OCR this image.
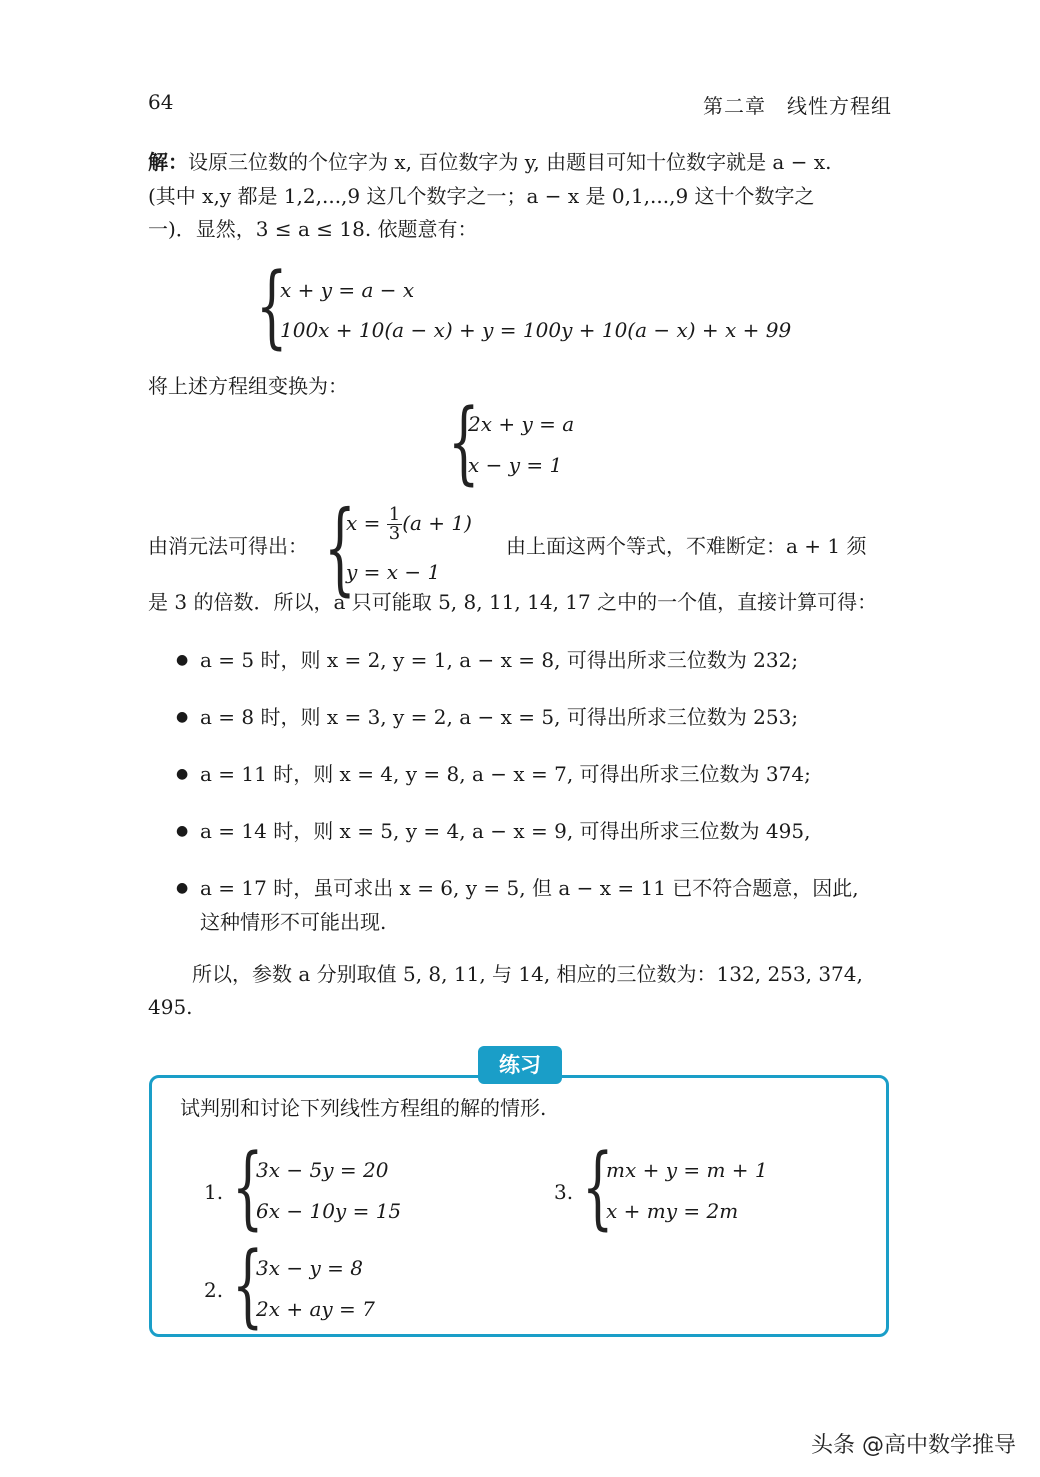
64	第二章　线性方程组
解：设原三位数的个位字为 x, 百位数字为 y, 由题目可知十位数字就是 a − x.
(其中 x,y 都是 1,2,...,9 这几个数字之一；a − x 是 0,1,...,9 这十个数字之
一)．显然，3 ≤ a ≤ 18. 依题意有：
{
x + y = a − x
100x + 10(a − x) + y = 100y + 10(a − x) + x + 99
将上述方程组变换为：
{
2x + y = a
x − y = 1
由消元法可得出： {
$x = \frac{1}{3} (a + 1)$
y = x − 1
由上面这两个等式，不难断定：a + 1 须
是 3 的倍数．所以，a 只可能取 5, 8, 11, 14, 17 之中的一个值，直接计算可得：
● a = 5 时，则 x = 2, y = 1, a − x = 8, 可得出所求三位数为 232;
● a = 8 时，则 x = 3, y = 2, a − x = 5, 可得出所求三位数为 253;
● a = 11 时，则 x = 4, y = 8, a − x = 7, 可得出所求三位数为 374;
● a = 14 时，则 x = 5, y = 4, a − x = 9, 可得出所求三位数为 495,
● a = 17 时，虽可求出 x = 6, y = 5, 但 a − x = 11 已不符合题意，因此,
这种情形不可能出现.
所以，参数 a 分别取值 5, 8, 11, 与 14, 相应的三位数为：132, 253, 374,
495.
练习
试判别和讨论下列线性方程组的解的情形.
1. {
3x − 5y = 20
6x − 10y = 15
3. {
mx + y = m + 1
x + my = 2m
2. {
3x − y = 8
2x + ay = 7
头条 @高中数学推导
